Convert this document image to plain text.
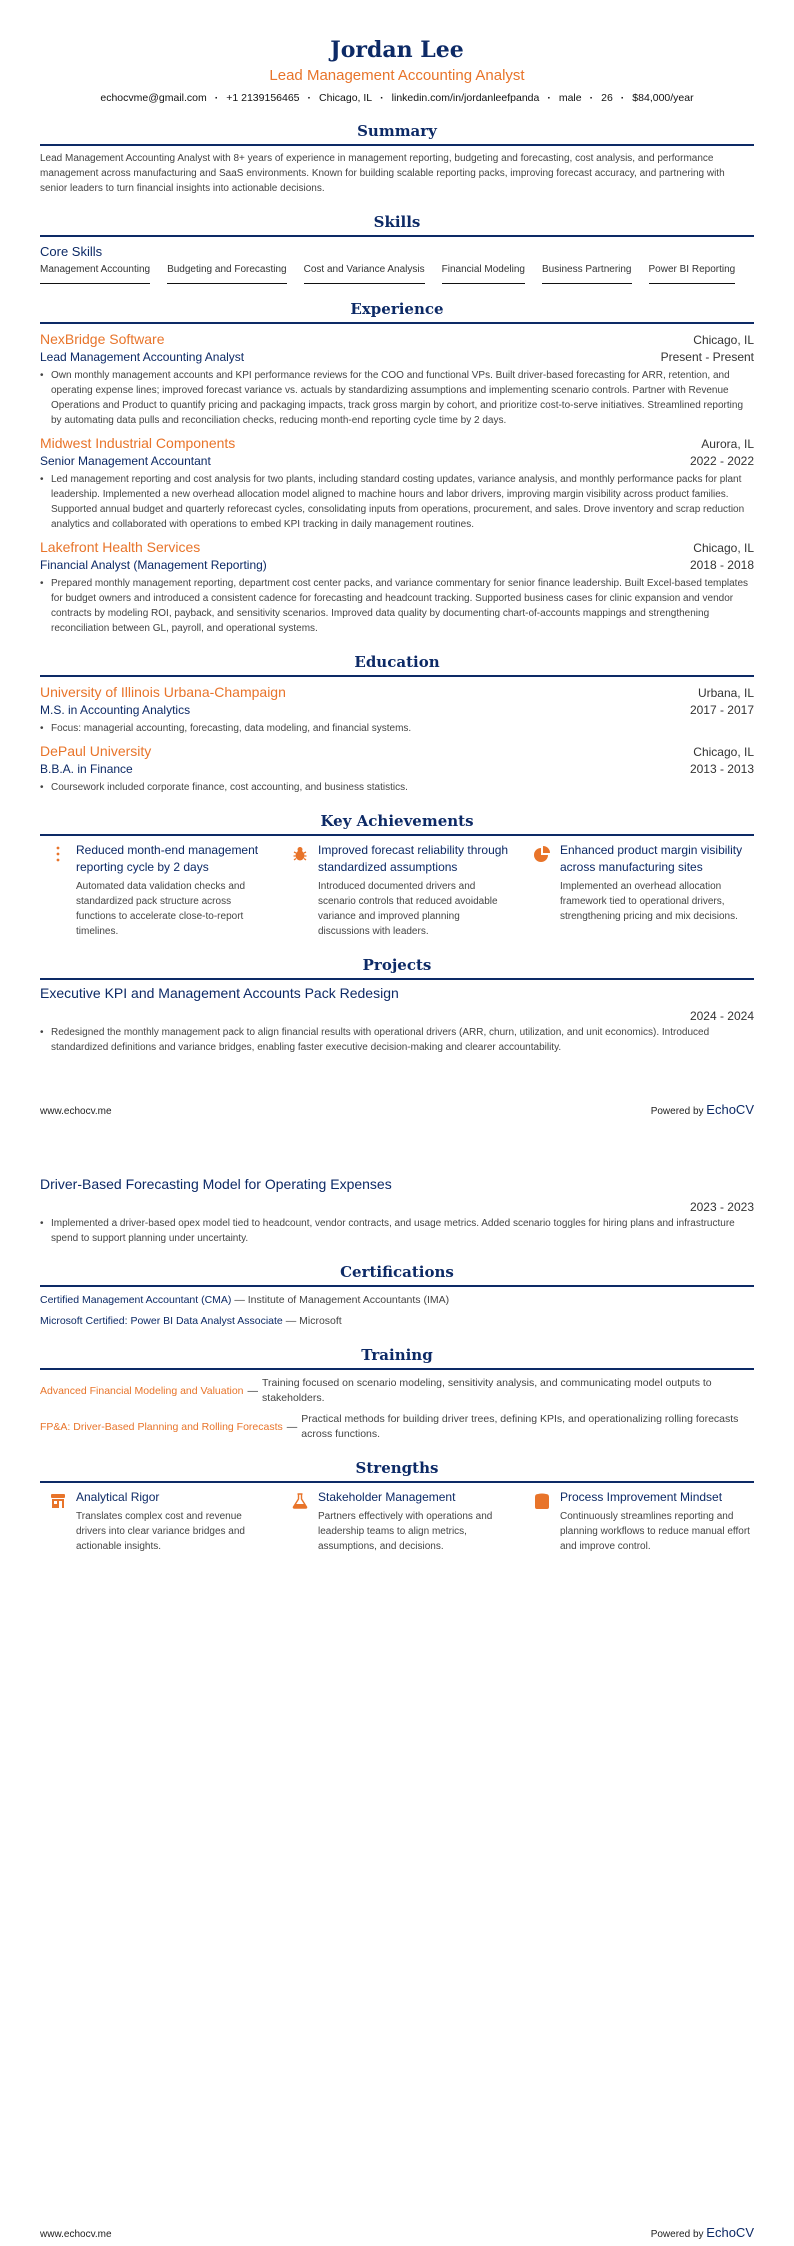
Jordan Lee
Lead Management Accounting Analyst
echocvme@gmail.com · +1 2139156465 · Chicago, IL · linkedin.com/in/jordanleefpanda · male · 26 · $84,000/year
Summary
Lead Management Accounting Analyst with 8+ years of experience in management reporting, budgeting and forecasting, cost analysis, and performance management across manufacturing and SaaS environments. Known for building scalable reporting packs, improving forecast accuracy, and partnering with senior leaders to turn financial insights into actionable decisions.
Skills
Core Skills
Management Accounting Budgeting and Forecasting Cost and Variance Analysis Financial Modeling Business Partnering Power BI Reporting
Experience
NexBridge Software	Chicago, IL
Lead Management Accounting Analyst	Present - Present
• Own monthly management accounts and KPI performance reviews for the COO and functional VPs. Built driver-based forecasting for ARR, retention, and operating expense lines; improved forecast variance vs. actuals by standardizing assumptions and implementing scenario controls. Partner with Revenue Operations and Product to quantify pricing and packaging impacts, track gross margin by cohort, and prioritize cost-to-serve initiatives. Streamlined reporting by automating data pulls and reconciliation checks, reducing month-end reporting cycle time by 2 days.
Midwest Industrial Components	Aurora, IL
Senior Management Accountant	2022 - 2022
• Led management reporting and cost analysis for two plants, including standard costing updates, variance analysis, and monthly performance packs for plant leadership. Implemented a new overhead allocation model aligned to machine hours and labor drivers, improving margin visibility across product families. Supported annual budget and quarterly reforecast cycles, consolidating inputs from operations, procurement, and sales. Drove inventory and scrap reduction analytics and collaborated with operations to embed KPI tracking in daily management routines.
Lakefront Health Services	Chicago, IL
Financial Analyst (Management Reporting)	2018 - 2018
• Prepared monthly management reporting, department cost center packs, and variance commentary for senior finance leadership. Built Excel-based templates for budget owners and introduced a consistent cadence for forecasting and headcount tracking. Supported business cases for clinic expansion and vendor contracts by modeling ROI, payback, and sensitivity scenarios. Improved data quality by documenting chart-of-accounts mappings and strengthening reconciliation between GL, payroll, and operational systems.
Education
University of Illinois Urbana-Champaign	Urbana, IL
M.S. in Accounting Analytics	2017 - 2017
• Focus: managerial accounting, forecasting, data modeling, and financial systems.
DePaul University	Chicago, IL
B.B.A. in Finance	2013 - 2013
• Coursework included corporate finance, cost accounting, and business statistics.
Key Achievements
Reduced month-end management reporting cycle by 2 days
Automated data validation checks and standardized pack structure across functions to accelerate close-to-report timelines.
Improved forecast reliability through standardized assumptions
Introduced documented drivers and scenario controls that reduced avoidable variance and improved planning discussions with leaders.
Enhanced product margin visibility across manufacturing sites
Implemented an overhead allocation framework tied to operational drivers, strengthening pricing and mix decisions.
Projects
Executive KPI and Management Accounts Pack Redesign
2024 - 2024
• Redesigned the monthly management pack to align financial results with operational drivers (ARR, churn, utilization, and unit economics). Introduced standardized definitions and variance bridges, enabling faster executive decision-making and clearer accountability.
www.echocv.me	Powered by EchoCV
Driver-Based Forecasting Model for Operating Expenses
2023 - 2023
• Implemented a driver-based opex model tied to headcount, vendor contracts, and usage metrics. Added scenario toggles for hiring plans and infrastructure spend to support planning under uncertainty.
Certifications
Certified Management Accountant (CMA) — Institute of Management Accountants (IMA)
Microsoft Certified: Power BI Data Analyst Associate — Microsoft
Training
Advanced Financial Modeling and Valuation —
Training focused on scenario modeling, sensitivity analysis, and communicating model outputs to stakeholders.
FP&A: Driver-Based Planning and Rolling Forecasts —
Practical methods for building driver trees, defining KPIs, and operationalizing rolling forecasts across functions.
Strengths
Analytical Rigor
Translates complex cost and revenue drivers into clear variance bridges and actionable insights.
Stakeholder Management
Partners effectively with operations and leadership teams to align metrics, assumptions, and decisions.
Process Improvement Mindset
Continuously streamlines reporting and planning workflows to reduce manual effort and improve control.
www.echocv.me	Powered by EchoCV
